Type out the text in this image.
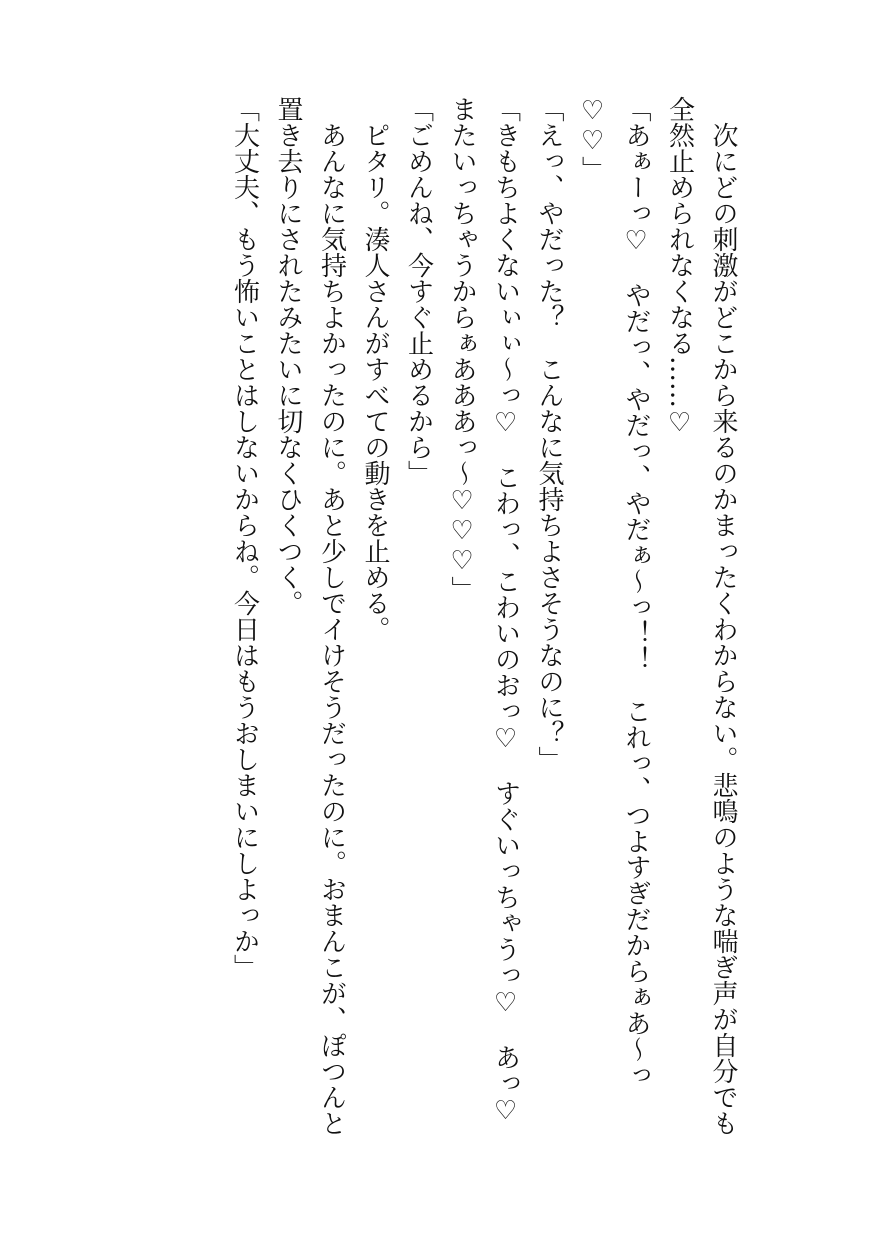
　次にどの刺激がどこから来るのかまったくわからない。悲鳴のような喘ぎ声が自分でも全然止められなくなる……♡

「あぁーっ♡　やだっ、やだっ、やだぁ〜っ！！　これっ、つよすぎだからぁあ〜っ♡♡」

「えっ、やだった？　こんなに気持ちよさそうなのに？」

「きもちよくないぃぃ〜っ♡　こわっ、こわいのおっ♡　すぐいっちゃうっ♡　あっ♡　またいっちゃうからぁあああっ〜♡♡♡」

「ごめんね、今すぐ止めるから」

　ピタリ。湊人さんがすべての動きを止める。

　あんなに気持ちよかったのに。あと少しでイけそうだったのに。おまんこが、ぽつんと置き去りにされたみたいに切なくひくつく。

「大丈夫、もう怖いことはしないからね。今日はもうおしまいにしよっか」
